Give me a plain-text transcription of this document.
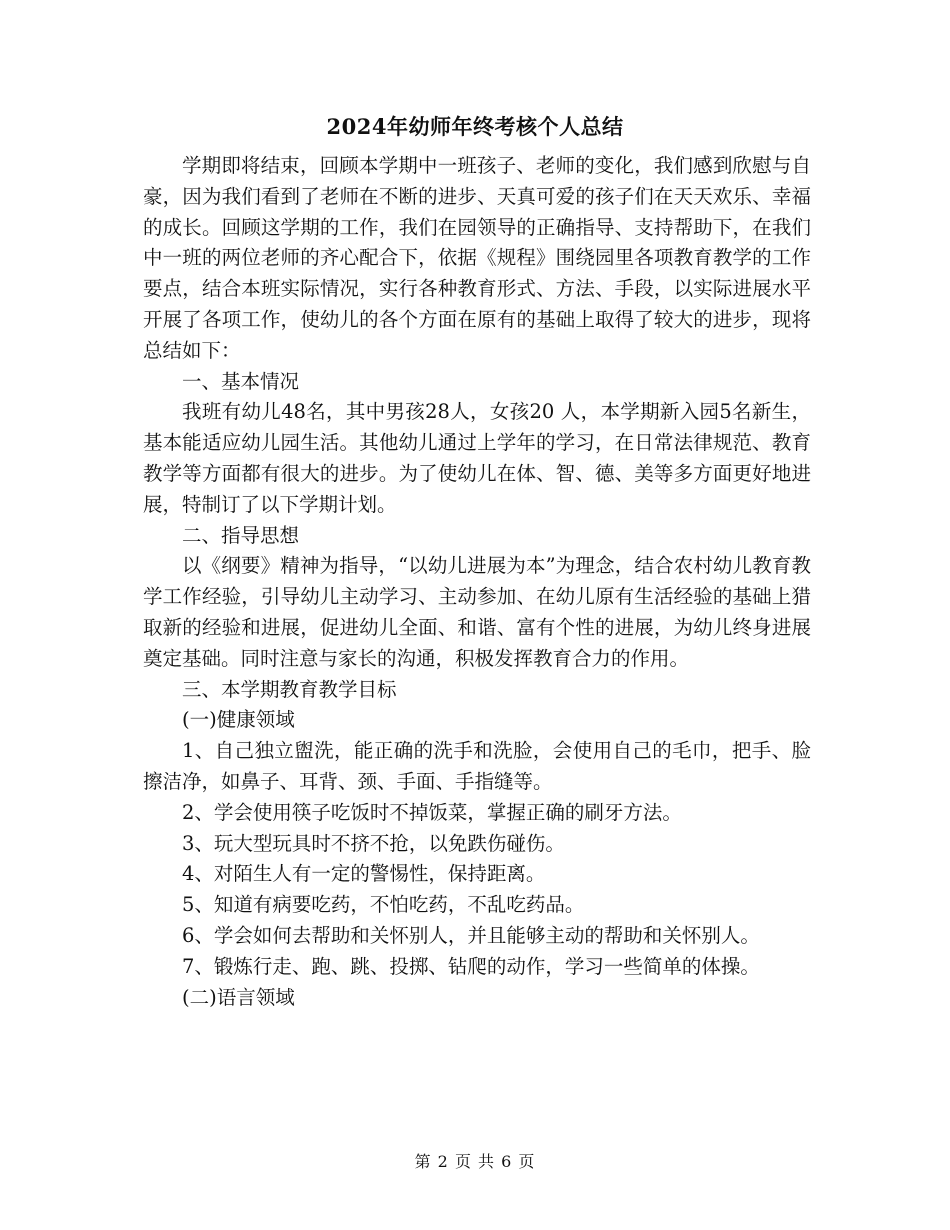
2024年幼师年终考核个人总结

学期即将结束，回顾本学期中一班孩子、老师的变化，我们感到欣慰与自豪，因为我们看到了老师在不断的进步、天真可爱的孩子们在天天欢乐、幸福的成长。回顾这学期的工作，我们在园领导的正确指导、支持帮助下，在我们中一班的两位老师的齐心配合下，依据《规程》围绕园里各项教育教学的工作要点，结合本班实际情况，实行各种教育形式、方法、手段，以实际进展水平开展了各项工作，使幼儿的各个方面在原有的基础上取得了较大的进步，现将总结如下：

一、基本情况

我班有幼儿48名，其中男孩28人，女孩20 人，本学期新入园5名新生，基本能适应幼儿园生活。其他幼儿通过上学年的学习，在日常法律规范、教育教学等方面都有很大的进步。为了使幼儿在体、智、德、美等多方面更好地进展，特制订了以下学期计划。

二、指导思想

以《纲要》精神为指导，“以幼儿进展为本”为理念，结合农村幼儿教育教学工作经验，引导幼儿主动学习、主动参加、在幼儿原有生活经验的基础上猎取新的经验和进展，促进幼儿全面、和谐、富有个性的进展，为幼儿终身进展奠定基础。同时注意与家长的沟通，积极发挥教育合力的作用。

三、本学期教育教学目标

(一)健康领域

1、自己独立盥洗，能正确的洗手和洗脸，会使用自己的毛巾，把手、脸擦洁净，如鼻子、耳背、颈、手面、手指缝等。

2、学会使用筷子吃饭时不掉饭菜，掌握正确的刷牙方法。

3、玩大型玩具时不挤不抢，以免跌伤碰伤。

4、对陌生人有一定的警惕性，保持距离。

5、知道有病要吃药，不怕吃药，不乱吃药品。

6、学会如何去帮助和关怀别人，并且能够主动的帮助和关怀别人。

7、锻炼行走、跑、跳、投掷、钻爬的动作，学习一些简单的体操。

(二)语言领域

第 2 页 共 6 页
